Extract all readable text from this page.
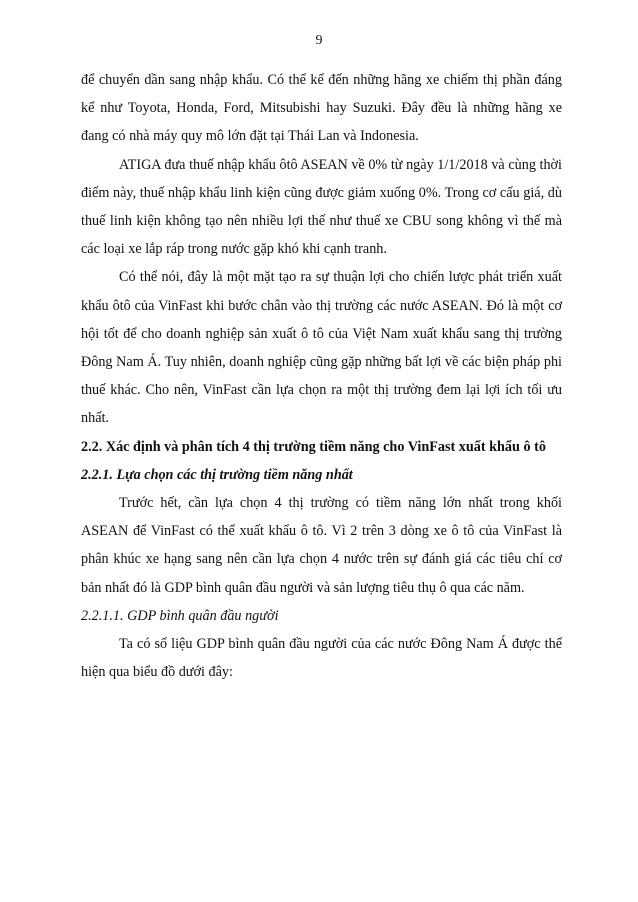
9

để chuyển dần sang nhập khẩu. Có thể kể đến những hãng xe chiếm thị phần đáng kể như Toyota, Honda, Ford, Mitsubishi hay Suzuki. Đây đều là những hãng xe đang có nhà máy quy mô lớn đặt tại Thái Lan và Indonesia.

ATIGA đưa thuế nhập khẩu ôtô ASEAN về 0% từ ngày 1/1/2018 và cùng thời điểm này, thuế nhập khẩu linh kiện cũng được giảm xuống 0%. Trong cơ cấu giá, dù thuế linh kiện không tạo nên nhiều lợi thế như thuế xe CBU song không vì thế mà các loại xe lắp ráp trong nước gặp khó khi cạnh tranh.

Có thể nói, đây là một mặt tạo ra sự thuận lợi cho chiến lược phát triển xuất khẩu ôtô của VinFast khi bước chân vào thị trường các nước ASEAN. Đó là một cơ hội tốt để cho doanh nghiệp sản xuất ô tô của Việt Nam xuất khẩu sang thị trường Đông Nam Á. Tuy nhiên, doanh nghiệp cũng gặp những bất lợi về các biện pháp phi thuế khác. Cho nên, VinFast cần lựa chọn ra một thị trường đem lại lợi ích tối ưu nhất.

2.2. Xác định và phân tích 4 thị trường tiềm năng cho VinFast xuất khẩu ô tô

2.2.1. Lựa chọn các thị trường tiềm năng nhất

Trước hết, cần lựa chọn 4 thị trường có tiềm năng lớn nhất trong khối ASEAN để VinFast có thể xuất khẩu ô tô. Vì 2 trên 3 dòng xe ô tô của VinFast là phân khúc xe hạng sang nên cần lựa chọn 4 nước trên sự đánh giá các tiêu chí cơ bản nhất đó là GDP bình quân đầu người và sản lượng tiêu thụ ô qua các năm.

2.2.1.1. GDP bình quân đầu người

Ta có số liệu GDP bình quân đầu người của các nước Đông Nam Á được thể hiện qua biểu đồ dưới đây:
